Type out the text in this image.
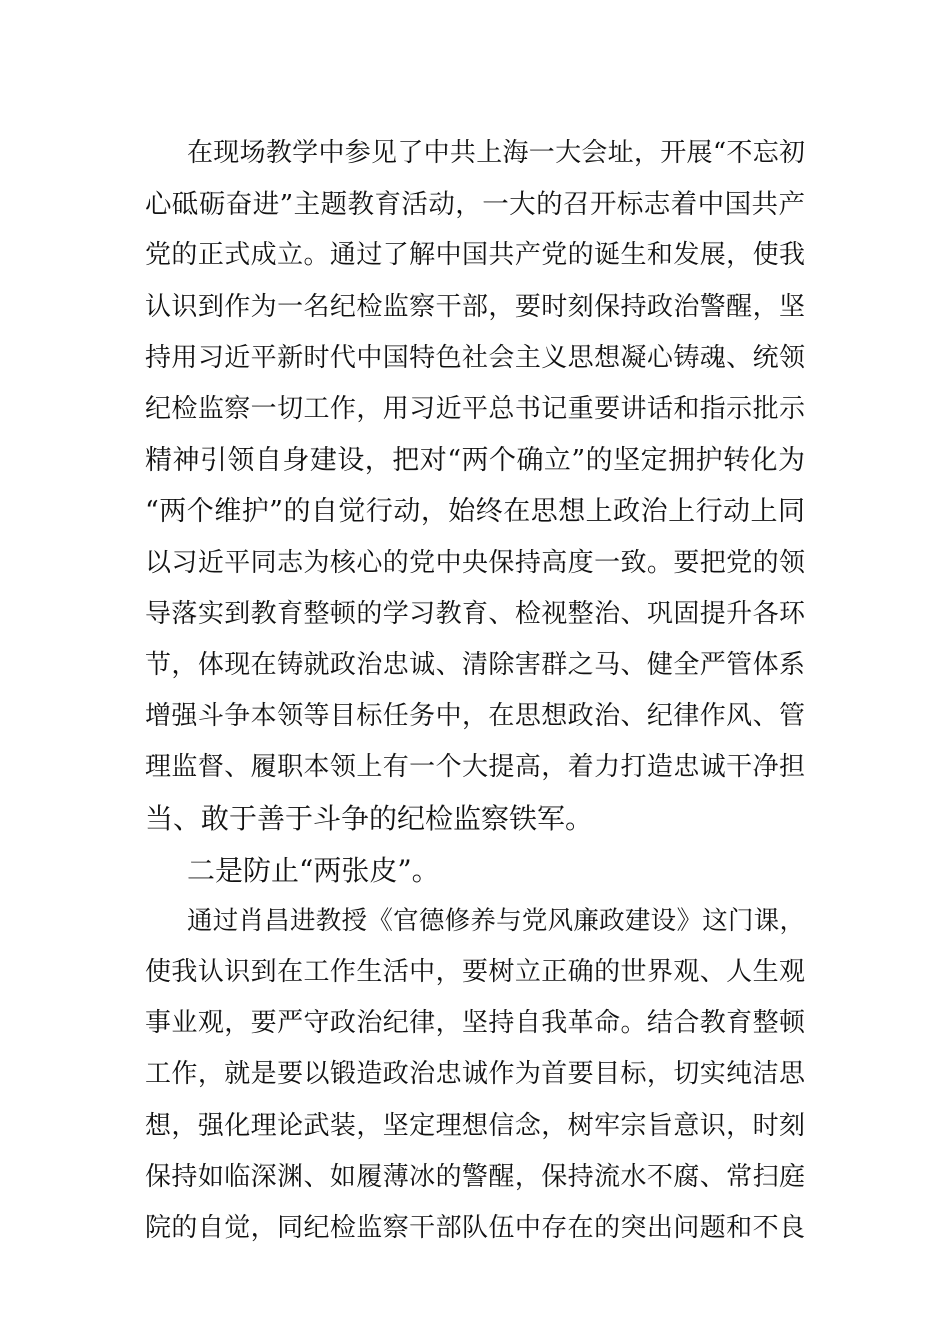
在现场教学中参见了中共上海一大会址，开展“不忘初
心砥砺奋进”主题教育活动，一大的召开标志着中国共产
党的正式成立。通过了解中国共产党的诞生和发展，使我
认识到作为一名纪检监察干部，要时刻保持政治警醒，坚
持用习近平新时代中国特色社会主义思想凝心铸魂、统领
纪检监察一切工作，用习近平总书记重要讲话和指示批示
精神引领自身建设，把对“两个确立”的坚定拥护转化为
“两个维护”的自觉行动，始终在思想上政治上行动上同
以习近平同志为核心的党中央保持高度一致。要把党的领
导落实到教育整顿的学习教育、检视整治、巩固提升各环
节，体现在铸就政治忠诚、清除害群之马、健全严管体系
增强斗争本领等目标任务中，在思想政治、纪律作风、管
理监督、履职本领上有一个大提高，着力打造忠诚干净担
当、敢于善于斗争的纪检监察铁军。
二是防止“两张皮”。
通过肖昌进教授《官德修养与党风廉政建设》这门课，
使我认识到在工作生活中，要树立正确的世界观、人生观
事业观，要严守政治纪律，坚持自我革命。结合教育整顿
工作，就是要以锻造政治忠诚作为首要目标，切实纯洁思
想，强化理论武装，坚定理想信念，树牢宗旨意识，时刻
保持如临深渊、如履薄冰的警醒，保持流水不腐、常扫庭
院的自觉，同纪检监察干部队伍中存在的突出问题和不良
